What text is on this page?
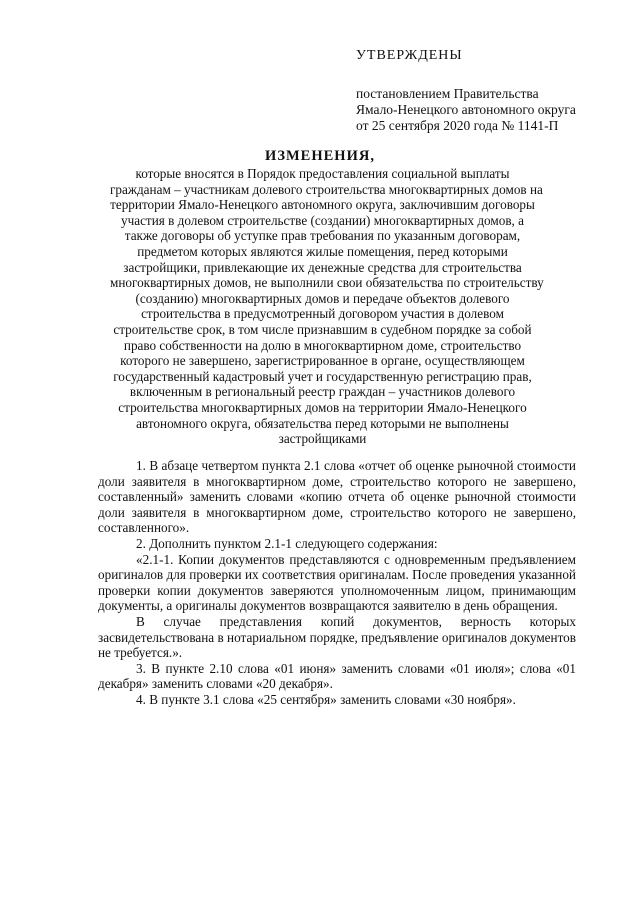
УТВЕРЖДЕНЫ
постановлением Правительства
Ямало-Ненецкого автономного округа
от 25 сентября 2020 года № 1141-П
ИЗМЕНЕНИЯ,
которые вносятся в Порядок предоставления социальной выплаты
гражданам – участникам долевого строительства многоквартирных домов на
территории Ямало-Ненецкого автономного округа, заключившим договоры
участия в долевом строительстве (создании) многоквартирных домов, а
также договоры об уступке прав требования по указанным договорам,
предметом которых являются жилые помещения, перед которыми
застройщики, привлекающие их денежные средства для строительства
многоквартирных домов, не выполнили свои обязательства по строительству
(созданию) многоквартирных домов и передаче объектов долевого
строительства в предусмотренный договором участия в долевом
строительстве срок, в том числе признавшим в судебном порядке за собой
право собственности на долю в многоквартирном доме, строительство
которого не завершено, зарегистрированное в органе, осуществляющем
государственный кадастровый учет и государственную регистрацию прав,
включенным в региональный реестр граждан – участников долевого
строительства многоквартирных домов на территории Ямало-Ненецкого
автономного округа, обязательства перед которыми не выполнены
застройщиками

1. В абзаце четвертом пункта 2.1 слова «отчет об оценке рыночной стоимости доли заявителя в многоквартирном доме, строительство которого не завершено, составленный» заменить словами «копию отчета об оценке рыночной стоимости доли заявителя в многоквартирном доме, строительство которого не завершено, составленного».

2. Дополнить пунктом 2.1-1 следующего содержания:

«2.1-1. Копии документов представляются с одновременным предъявлением оригиналов для проверки их соответствия оригиналам. После проведения указанной проверки копии документов заверяются уполномоченным лицом, принимающим документы, а оригиналы документов возвращаются заявителю в день обращения.

В случае представления копий документов, верность которых засвидетельствована в нотариальном порядке, предъявление оригиналов документов не требуется.».

3. В пункте 2.10 слова «01 июня» заменить словами «01 июля»; слова «01 декабря» заменить словами «20 декабря».

4. В пункте 3.1 слова «25 сентября» заменить словами «30 ноября».
